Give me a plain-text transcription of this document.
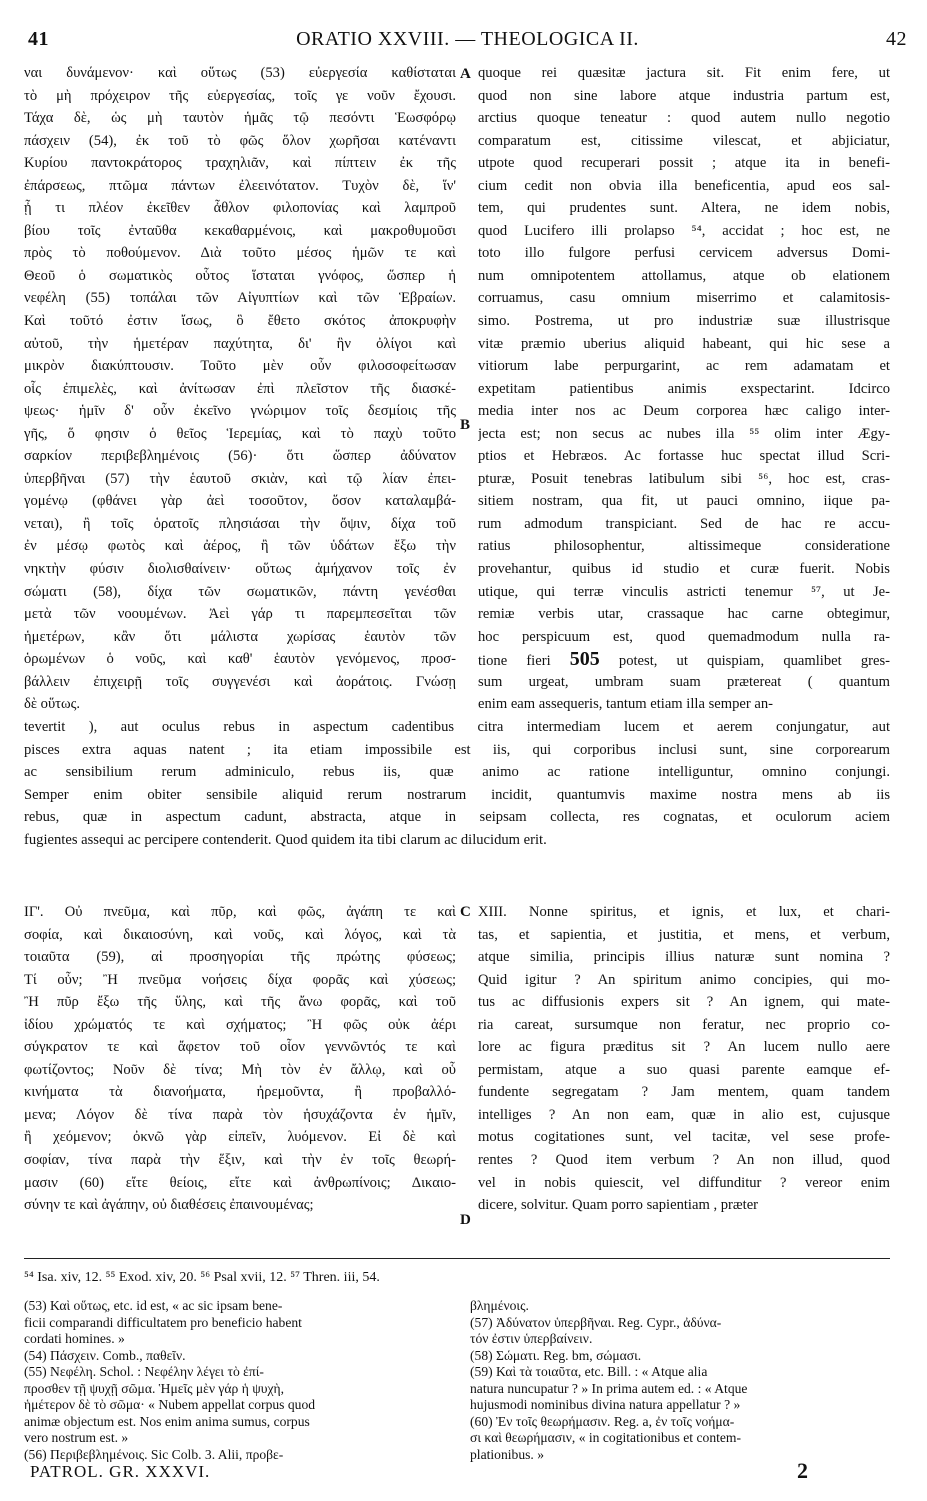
41	ORATIO XXVIII. — THEOLOGICA II.	42
ναι δυνάμενον· καὶ οὕτως (53) εὐεργεσία καθίσταται
τὸ μὴ πρόχειρον τῆς εὐεργεσίας, τοῖς γε νοῦν ἔχουσι.
Τάχα δὲ, ὡς μὴ ταυτὸν ἡμᾶς τῷ πεσόντι Ἑωσφόρῳ
πάσχειν (54), ἐκ τοῦ τὸ φῶς ὅλον χωρῆσαι κατέναντι
Κυρίου παντοκράτορος τραχηλιᾶν, καὶ πίπτειν ἐκ τῆς
ἐπάρσεως, πτῶμα πάντων ἐλεεινότατον. Τυχὸν δὲ, ἵν'
ᾖ τι πλέον ἐκεῖθεν ἆθλον φιλοπονίας καὶ λαμπροῦ
βίου τοῖς ἐνταῦθα κεκαθαρμένοις, καὶ μακροθυμοῦσι
πρὸς τὸ ποθούμενον. Διὰ τοῦτο μέσος ἡμῶν τε καὶ
Θεοῦ ὁ σωματικὸς οὗτος ἵσταται γνόφος, ὥσπερ ἡ
νεφέλη (55) τοπάλαι τῶν Αἰγυπτίων καὶ τῶν Ἑβραίων.
Καὶ τοῦτό ἐστιν ἴσως, ὃ ἔθετο σκότος ἀποκρυφὴν
αὐτοῦ, τὴν ἡμετέραν παχύτητα, δι' ἣν ὀλίγοι καὶ
μικρὸν διακύπτουσιν. Τοῦτο μὲν οὖν φιλοσοφείτωσαν
οἷς ἐπιμελὲς, καὶ ἀνίτωσαν ἐπὶ πλεῖστον τῆς διασκέ-
ψεως· ἡμῖν δ' οὖν ἐκεῖνο γνώριμον τοῖς δεσμίοις τῆς
γῆς, ὅ φησιν ὁ θεῖος Ἱερεμίας, καὶ τὸ παχὺ τοῦτο
σαρκίον περιβεβλημένοις (56)· ὅτι ὥσπερ ἀδύνατον
ὑπερβῆναι (57) τὴν ἑαυτοῦ σκιὰν, καὶ τῷ λίαν ἐπει-
γομένῳ (φθάνει γὰρ ἀεὶ τοσοῦτον, ὅσον καταλαμβά-
νεται), ἢ τοῖς ὁρατοῖς πλησιάσαι τὴν ὄψιν, δίχα τοῦ
ἐν μέσῳ φωτὸς καὶ ἀέρος, ἢ τῶν ὑδάτων ἔξω τὴν
νηκτὴν φύσιν διολισθαίνειν· οὕτως ἀμήχανον τοῖς ἐν
σώματι (58), δίχα τῶν σωματικῶν, πάντη γενέσθαι
μετὰ τῶν νοουμένων. Ἀεὶ γάρ τι παρεμπεσεῖται τῶν
ἡμετέρων, κἂν ὅτι μάλιστα χωρίσας ἑαυτὸν τῶν
ὁρωμένων ὁ νοῦς, καὶ καθ' ἑαυτὸν γενόμενος, προσ-
βάλλειν ἐπιχειρῇ τοῖς συγγενέσι καὶ ἀοράτοις. Γνώσῃ
δὲ οὕτως.
quoque rei quæsitæ jactura sit. Fit enim fere, ut
quod non sine labore atque industria partum est,
arctius quoque teneatur : quod autem nullo negotio
comparatum est, citissime vilescat, et abjiciatur,
utpote quod recuperari possit ; atque ita in benefi-
cium cedit non obvia illa beneficentia, apud eos sal-
tem, qui prudentes sunt. Altera, ne idem nobis,
quod Lucifero illi prolapso ⁵⁴, accidat ; hoc est, ne
toto illo fulgore perfusi cervicem adversus Domi-
num omnipotentem attollamus, atque ob elationem
corruamus, casu omnium miserrimo et calamitosis-
simo. Postrema, ut pro industriæ suæ illustrisque
vitæ præmio uberius aliquid habeant, qui hic sese a
vitiorum labe perpurgarint, ac rem adamatam et
expetitam patientibus animis exspectarint. Idcirco
media inter nos ac Deum corporea hæc caligo inter-
jecta est; non secus ac nubes illa ⁵⁵ olim inter Ægy-
ptios et Hebræos. Ac fortasse huc spectat illud Scri-
pturæ, Posuit tenebras latibulum sibi ⁵⁶, hoc est, cras-
sitiem nostram, qua fit, ut pauci omnino, iique pa-
rum admodum transpiciant. Sed de hac re accu-
ratius philosophentur, altissimeque consideratione
provehantur, quibus id studio et curæ fuerit. Nobis
utique, qui terræ vinculis astricti tenemur ⁵⁷, ut Je-
remiæ verbis utar, crassaque hac carne obtegimur,
hoc perspicuum est, quod quemadmodum nulla ra-
tione fieri 505 potest, ut quispiam, quamlibet gres-
sum urgeat, umbram suam prætereat ( quantum
enim eam assequeris, tantum etiam illa semper an-
A
B
C
D
tevertit ), aut oculus rebus in aspectum cadentibus citra intermediam lucem et aerem conjungatur, aut
pisces extra aquas natent ; ita etiam impossibile est iis, qui corporibus inclusi sunt, sine corporearum
ac sensibilium rerum adminiculo, rebus iis, quæ animo ac ratione intelliguntur, omnino conjungi.
Semper enim obiter sensibile aliquid rerum nostrarum incidit, quantumvis maxime nostra mens ab iis
rebus, quæ in aspectum cadunt, abstracta, atque in seipsam collecta, res cognatas, et oculorum aciem
fugientes assequi ac percipere contenderit. Quod quidem ita tibi clarum ac dilucidum erit.
ΙΓ'. Οὐ πνεῦμα, καὶ πῦρ, καὶ φῶς, ἀγάπη τε καὶ
σοφία, καὶ δικαιοσύνη, καὶ νοῦς, καὶ λόγος, καὶ τὰ
τοιαῦτα (59), αἱ προσηγορίαι τῆς πρώτης φύσεως;
Τί οὖν; Ἢ πνεῦμα νοήσεις δίχα φορᾶς καὶ χύσεως;
Ἢ πῦρ ἔξω τῆς ὕλης, καὶ τῆς ἄνω φορᾶς, καὶ τοῦ
ἰδίου χρώματός τε καὶ σχήματος; Ἢ φῶς οὐκ ἀέρι
σύγκρατον τε καὶ ἄφετον τοῦ οἷον γεννῶντός τε καὶ
φωτίζοντος; Νοῦν δὲ τίνα; Μὴ τὸν ἐν ἄλλῳ, καὶ οὗ
κινήματα τὰ διανοήματα, ἠρεμοῦντα, ἢ προβαλλό-
μενα; Λόγον δὲ τίνα παρὰ τὸν ἡσυχάζοντα ἐν ἡμῖν,
ἢ χεόμενον; ὀκνῶ γὰρ εἰπεῖν, λυόμενον. Εἰ δὲ καὶ
σοφίαν, τίνα παρὰ τὴν ἕξιν, καὶ τὴν ἐν τοῖς θεωρή-
μασιν (60) εἴτε θείοις, εἴτε καὶ ἀνθρωπίνοις; Δικαιο-
σύνην τε καὶ ἀγάπην, οὐ διαθέσεις ἐπαινουμένας;
XIII. Nonne spiritus, et ignis, et lux, et chari-
tas, et sapientia, et justitia, et mens, et verbum,
atque similia, principis illius naturæ sunt nomina ?
Quid igitur ? An spiritum animo concipies, qui mo-
tus ac diffusionis expers sit ? An ignem, qui mate-
ria careat, sursumque non feratur, nec proprio co-
lore ac figura præditus sit ? An lucem nullo aere
permistam, atque a suo quasi parente eamque ef-
fundente segregatam ? Jam mentem, quam tandem
intelliges ? An non eam, quæ in alio est, cujusque
motus cogitationes sunt, vel tacitæ, vel sese profe-
rentes ? Quod item verbum ? An non illud, quod
vel in nobis quiescit, vel diffunditur ? vereor enim
dicere, solvitur. Quam porro sapientiam , præter
⁵⁴ Isa. xiv, 12. ⁵⁵ Exod. xiv, 20. ⁵⁶ Psal xvii, 12. ⁵⁷ Thren. iii, 54.
(53) Καὶ οὕτως, etc. id est, « ac sic ipsam bene-
ficii comparandi difficultatem pro beneficio habent
cordati homines. »
(54) Πάσχειν. Comb., παθεῖν.
(55) Νεφέλη. Schol. : Νεφέλην λέγει τὸ ἐπί-
προσθεν τῇ ψυχῇ σῶμα. Ἡμεῖς μὲν γάρ ἡ ψυχὴ,
ἡμέτερον δὲ τὸ σῶμα· « Nubem appellat corpus quod
animæ objectum est. Nos enim anima sumus, corpus
vero nostrum est. »
(56) Περιβεβλημένοις. Sic Colb. 3. Alii, προβε-
βλημένοις.
(57) Ἀδύνατον ὑπερβῆναι. Reg. Cypr., ἀδύνα-
τόν ἐστιν ὑπερβαίνειν.
(58) Σώματι. Reg. bm, σώμασι.
(59) Καὶ τὰ τοιαῦτα, etc. Bill. : « Atque alia
natura nuncupatur ? » In prima autem ed. : « Atque
hujusmodi nominibus divina natura appellatur ? »
(60) Ἐν τοῖς θεωρήμασιν. Reg. a, ἐν τοῖς νοήμα-
σι καὶ θεωρήμασιν, « in cogitationibus et contem-
plationibus. »
PATROL. GR. XXXVI.	2
